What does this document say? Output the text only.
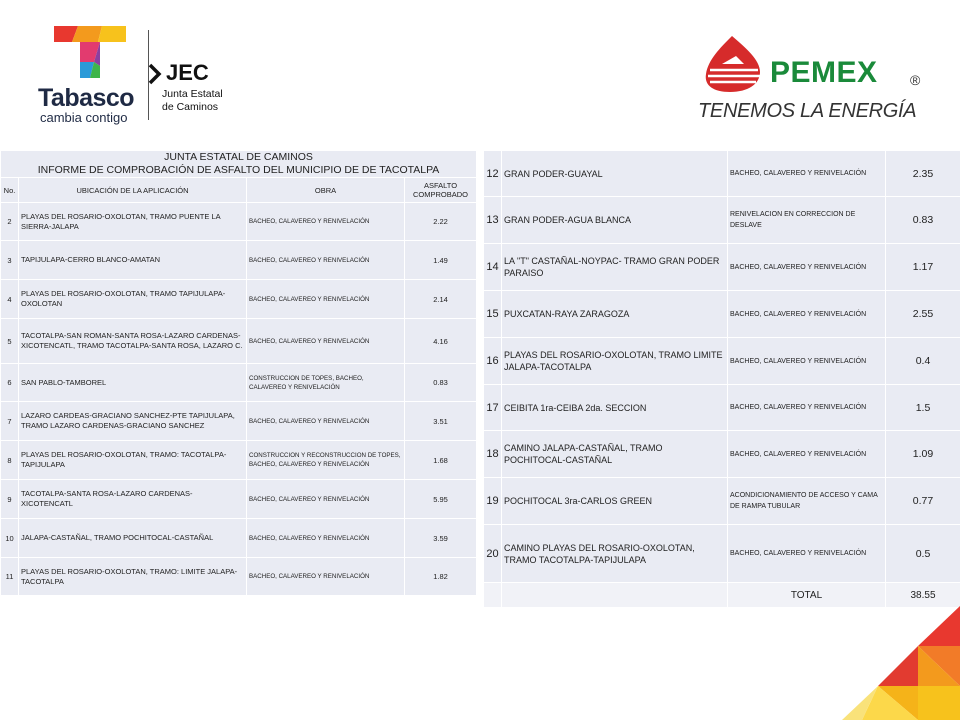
Tabasco
cambia contigo
JEC
Junta Estatal
de Caminos
PEMEX ®
TENEMOS LA ENERGÍA
JUNTA ESTATAL DE CAMINOS
INFORME DE COMPROBACIÓN DE ASFALTO DEL MUNICIPIO DE DE TACOTALPA			

No.	UBICACIÓN DE LA APLICACIÓN	OBRA	ASFALTO COMPROBADO
2	PLAYAS DEL ROSARIO-OXOLOTAN, TRAMO PUENTE LA SIERRA-JALAPA	BACHEO, CALAVEREO Y RENIVELACIÓN	2.22
3	TAPIJULAPA-CERRO BLANCO-AMATAN	BACHEO, CALAVEREO Y RENIVELACIÓN	1.49
4	PLAYAS DEL ROSARIO-OXOLOTAN, TRAMO TAPIJULAPA-OXOLOTAN	BACHEO, CALAVEREO Y RENIVELACIÓN	2.14
5	TACOTALPA-SAN ROMAN-SANTA ROSA-LAZARO CARDENAS-XICOTENCATL, TRAMO TACOTALPA-SANTA ROSA, LAZARO C.	BACHEO, CALAVEREO Y RENIVELACIÓN	4.16
6	SAN PABLO-TAMBOREL	CONSTRUCCION DE TOPES, BACHEO, CALAVEREO Y RENIVELACIÓN	0.83
7	LAZARO CARDEAS-GRACIANO SANCHEZ-PTE TAPIJULAPA, TRAMO LAZARO CARDENAS-GRACIANO SANCHEZ	BACHEO, CALAVEREO Y RENIVELACIÓN	3.51
8	PLAYAS DEL ROSARIO-OXOLOTAN, TRAMO: TACOTALPA-TAPIJULAPA	CONSTRUCCION Y RECONSTRUCCION DE TOPES, BACHEO, CALAVEREO Y RENIVELACIÓN	1.68
9	TACOTALPA-SANTA ROSA-LAZARO CARDENAS-XICOTENCATL	BACHEO, CALAVEREO Y RENIVELACIÓN	5.95
10	JALAPA-CASTAÑAL, TRAMO POCHITOCAL-CASTAÑAL	BACHEO, CALAVEREO Y RENIVELACIÓN	3.59
11	PLAYAS DEL ROSARIO-OXOLOTAN, TRAMO: LIMITE JALAPA-TACOTALPA	BACHEO, CALAVEREO Y RENIVELACIÓN	1.82
12	GRAN PODER-GUAYAL	BACHEO, CALAVEREO Y RENIVELACIÓN	2.35
13	GRAN PODER-AGUA BLANCA	RENIVELACION EN CORRECCION DE DESLAVE	0.83
14	LA "T" CASTAÑAL-NOYPAC- TRAMO GRAN PODER PARAISO	BACHEO, CALAVEREO Y RENIVELACIÓN	1.17
15	PUXCATAN-RAYA ZARAGOZA	BACHEO, CALAVEREO Y RENIVELACIÓN	2.55
16	PLAYAS DEL ROSARIO-OXOLOTAN, TRAMO LIMITE JALAPA-TACOTALPA	BACHEO, CALAVEREO Y RENIVELACIÓN	0.4
17	CEIBITA 1ra-CEIBA 2da. SECCION	BACHEO, CALAVEREO Y RENIVELACIÓN	1.5
18	CAMINO JALAPA-CASTAÑAL, TRAMO POCHITOCAL-CASTAÑAL	BACHEO, CALAVEREO Y RENIVELACIÓN	1.09
19	POCHITOCAL 3ra-CARLOS GREEN	ACONDICIONAMIENTO DE ACCESO Y CAMA DE RAMPA TUBULAR	0.77
20	CAMINO PLAYAS DEL ROSARIO-OXOLOTAN, TRAMO TACOTALPA-TAPIJULAPA	BACHEO, CALAVEREO Y RENIVELACIÓN	0.5
		TOTAL	38.55
